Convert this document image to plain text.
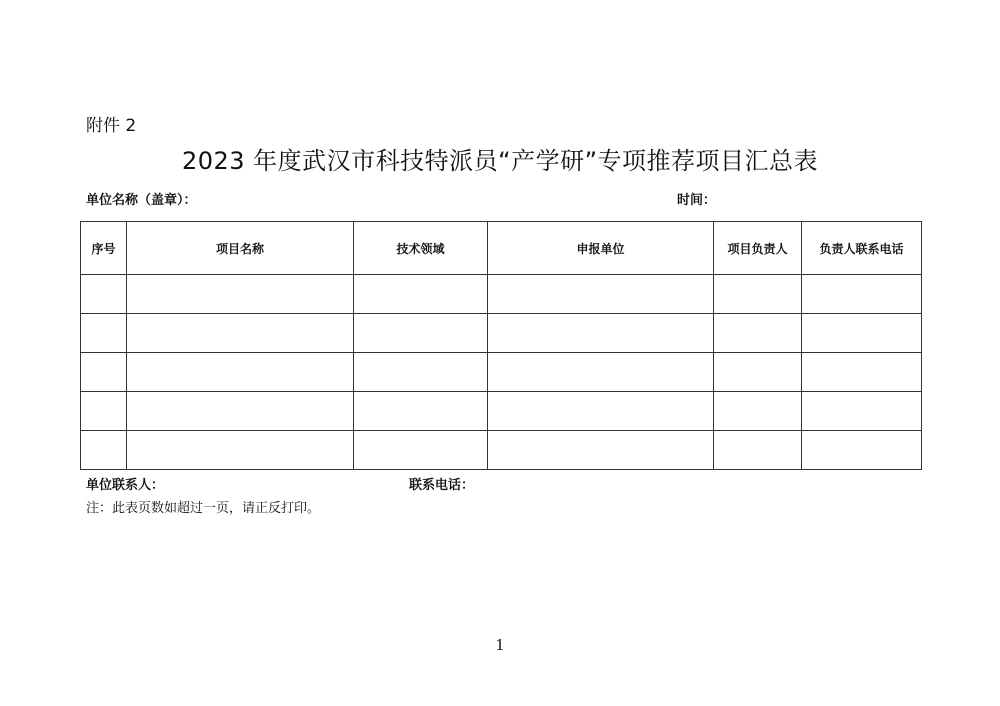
附件 2
2023 年度武汉市科技特派员“产学研”专项推荐项目汇总表
单位名称（盖章）：	时间：
序号	项目名称	技术领域	申报单位	项目负责人	负责人联系电话

单位联系人：	联系电话：
注：此表页数如超过一页，请正反打印。
1
